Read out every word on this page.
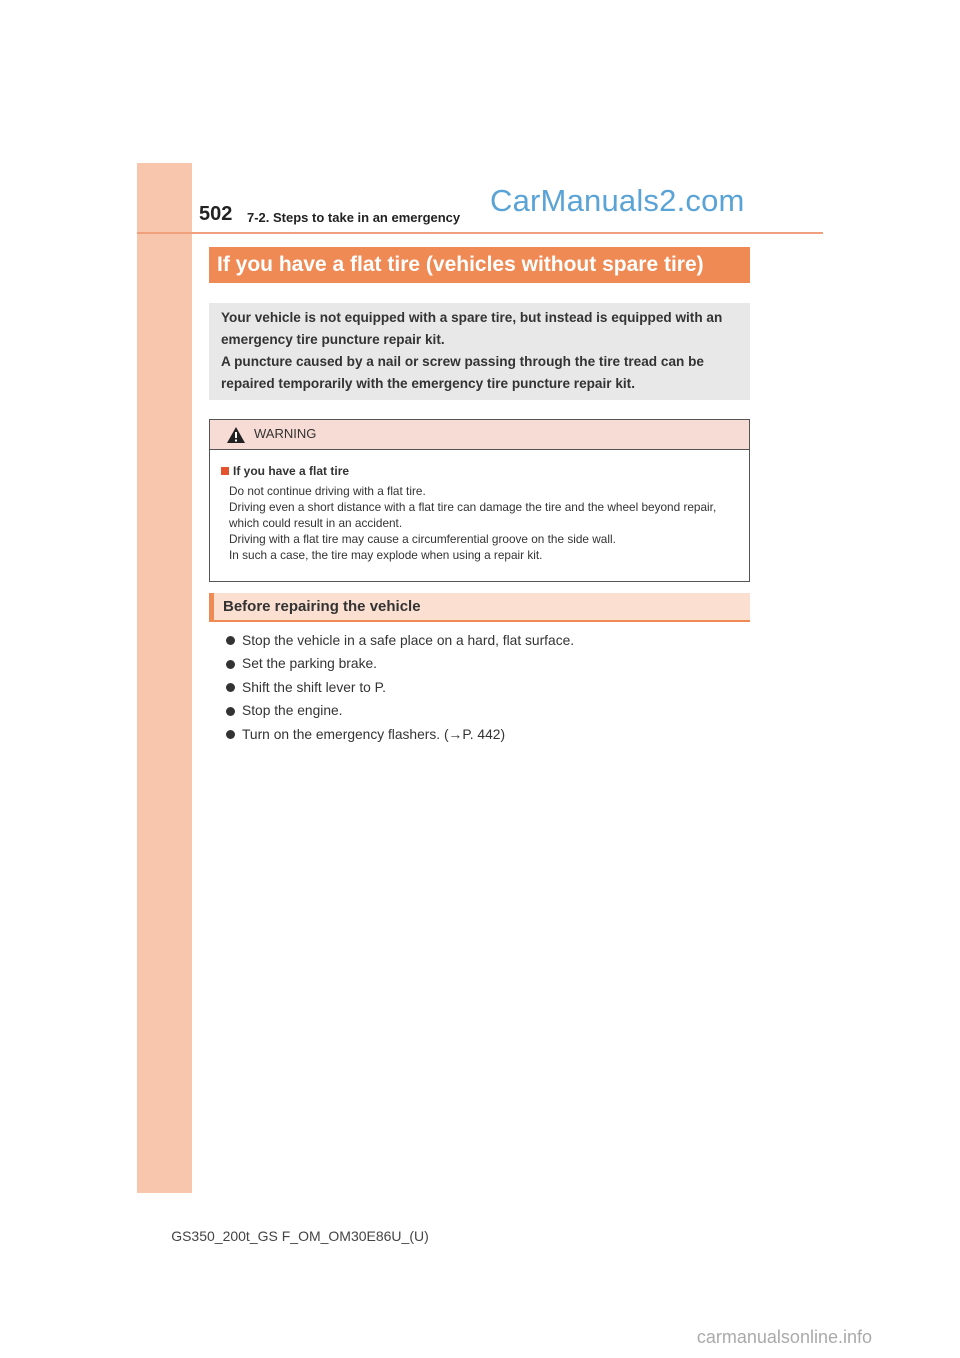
502 7-2. Steps to take in an emergency CarManuals2.com
If you have a flat tire (vehicles without spare tire)

Your vehicle is not equipped with a spare tire, but instead is equipped with an emergency tire puncture repair kit.

A puncture caused by a nail or screw passing through the tire tread can be repaired temporarily with the emergency tire puncture repair kit.

WARNING
If you have a flat tire
Do not continue driving with a flat tire.
Driving even a short distance with a flat tire can damage the tire and the wheel beyond repair, which could result in an accident.
Driving with a flat tire may cause a circumferential groove on the side wall.
In such a case, the tire may explode when using a repair kit.
Before repairing the vehicle
Stop the vehicle in a safe place on a hard, flat surface.
Set the parking brake.
Shift the shift lever to P.
Stop the engine.
Turn on the emergency flashers. (→P. 442)
GS350_200t_GS F_OM_OM30E86U_(U)
carmanualsonline.info
